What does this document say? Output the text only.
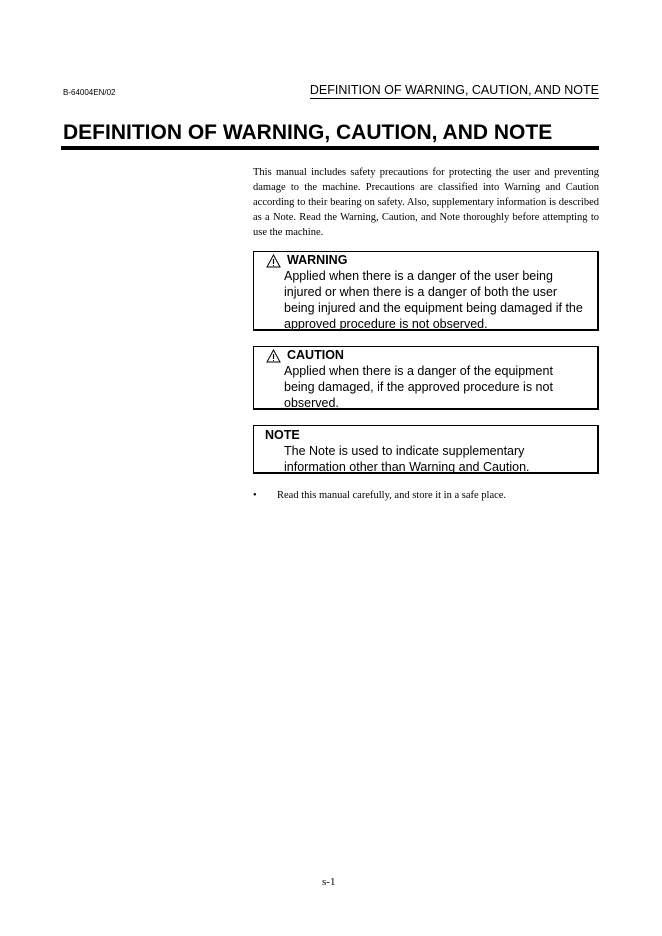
B-64004EN/02	DEFINITION OF WARNING, CAUTION, AND NOTE
DEFINITION OF WARNING, CAUTION, AND NOTE

This manual includes safety precautions for protecting the user and preventing damage to the machine. Precautions are classified into Warning and Caution according to their bearing on safety. Also, supplementary information is described as a Note. Read the Warning, Caution, and Note thoroughly before attempting to use the machine.

WARNING
Applied when there is a danger of the user being injured or when there is a danger of both the user being injured and the equipment being damaged if the approved procedure is not observed.
CAUTION
Applied when there is a danger of the equipment being damaged, if the approved procedure is not observed.
NOTE
The Note is used to indicate supplementary information other than Warning and Caution.
•	Read this manual carefully, and store it in a safe place.
s-1
